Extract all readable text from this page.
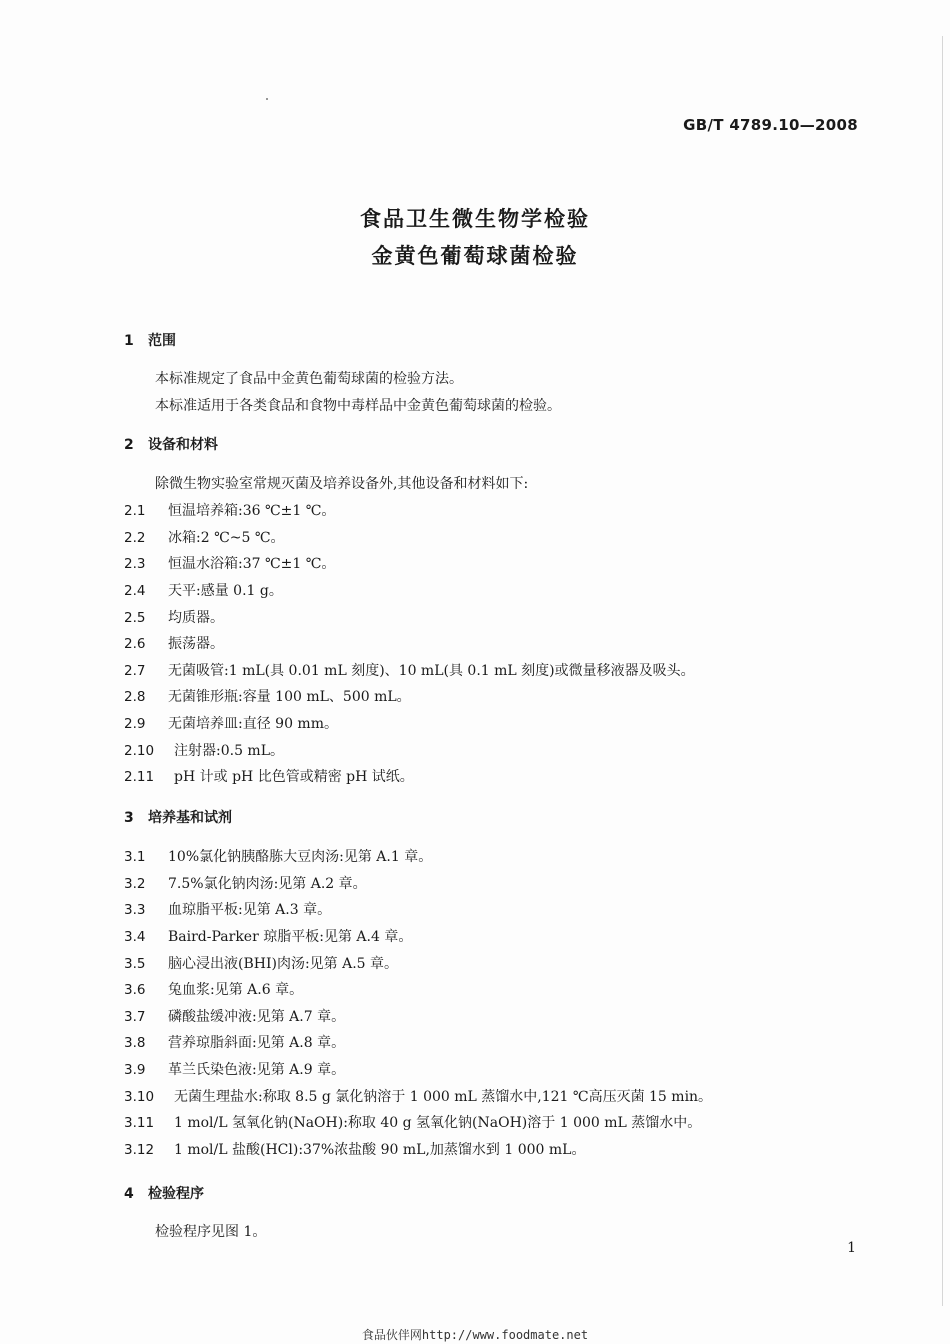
GB/T 4789.10—2008
食品卫生微生物学检验
金黄色葡萄球菌检验
1 范围
本标准规定了食品中金黄色葡萄球菌的检验方法。
本标准适用于各类食品和食物中毒样品中金黄色葡萄球菌的检验。
2 设备和材料
除微生物实验室常规灭菌及培养设备外,其他设备和材料如下:
2.1 恒温培养箱:36 ℃±1 ℃。
2.2 冰箱:2 ℃~5 ℃。
2.3 恒温水浴箱:37 ℃±1 ℃。
2.4 天平:感量 0.1 g。
2.5 均质器。
2.6 振荡器。
2.7 无菌吸管:1 mL(具 0.01 mL 刻度)、10 mL(具 0.1 mL 刻度)或微量移液器及吸头。
2.8 无菌锥形瓶:容量 100 mL、500 mL。
2.9 无菌培养皿:直径 90 mm。
2.10 注射器:0.5 mL。
2.11 pH 计或 pH 比色管或精密 pH 试纸。
3 培养基和试剂
3.1 10%氯化钠胰酪胨大豆肉汤:见第 A.1 章。
3.2 7.5%氯化钠肉汤:见第 A.2 章。
3.3 血琼脂平板:见第 A.3 章。
3.4 Baird-Parker 琼脂平板:见第 A.4 章。
3.5 脑心浸出液(BHI)肉汤:见第 A.5 章。
3.6 兔血浆:见第 A.6 章。
3.7 磷酸盐缓冲液:见第 A.7 章。
3.8 营养琼脂斜面:见第 A.8 章。
3.9 革兰氏染色液:见第 A.9 章。
3.10 无菌生理盐水:称取 8.5 g 氯化钠溶于 1 000 mL 蒸馏水中,121 ℃高压灭菌 15 min。
3.11 1 mol/L 氢氧化钠(NaOH):称取 40 g 氢氧化钠(NaOH)溶于 1 000 mL 蒸馏水中。
3.12 1 mol/L 盐酸(HCl):37%浓盐酸 90 mL,加蒸馏水到 1 000 mL。
4 检验程序
检验程序见图 1。
1
食品伙伴网http://www.foodmate.net
